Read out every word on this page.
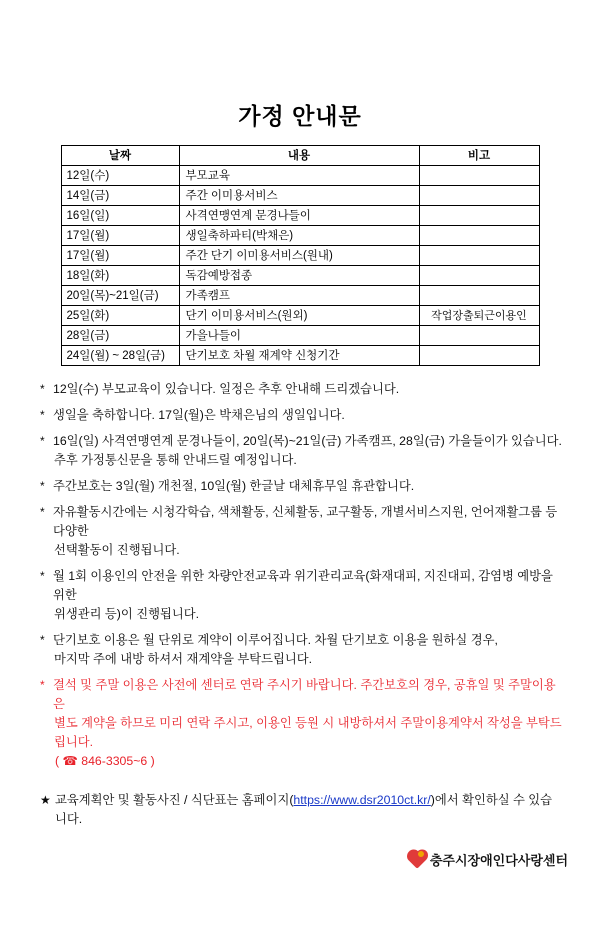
가정 안내문
날짜	내용	비고
12일(수)	부모교육	
14일(금)	주간 이미용서비스	
16일(일)	사격연맹연계 문경나들이	
17일(월)	생일축하파티(박채은)	
17일(월)	주간 단기 이미용서비스(원내)	
18일(화)	독감예방접종	
20일(목)~21일(금)	가족캠프	
25일(화)	단기 이미용서비스(원외)	작업장출퇴근이용인
28일(금)	가을나들이	
24일(월) ~ 28일(금)	단기보호 차월 재계약 신청기간	
* 12일(수) 부모교육이 있습니다. 일정은 추후 안내해 드리겠습니다.
* 생일을 축하합니다. 17일(월)은 박채은님의 생일입니다.
* 16일(일) 사격연맹연계 문경나들이, 20일(목)~21일(금) 가족캠프, 28일(금) 가을들이가 있습니다.
추후 가정통신문을 통해 안내드릴 예정입니다.
* 주간보호는 3일(월) 개천절, 10일(월) 한글날 대체휴무일 휴관합니다.
* 자유활동시간에는 시청각학습, 색채활동, 신체활동, 교구활동, 개별서비스지원, 언어재활그룹 등 다양한
선택활동이 진행됩니다.
* 월 1회 이용인의 안전을 위한 차량안전교육과 위기관리교육(화재대피, 지진대피, 감염병 예방을 위한
위생관리 등)이 진행됩니다.
* 단기보호 이용은 월 단위로 계약이 이루어집니다. 차월 단기보호 이용을 원하실 경우,
마지막 주에 내방 하셔서 재계약을 부탁드립니다.
* 결석 및 주말 이용은 사전에 센터로 연락 주시기 바랍니다. 주간보호의 경우, 공휴일 및 주말이용은
별도 계약을 하므로 미리 연락 주시고, 이용인 등원 시 내방하셔서 주말이용계약서 작성을 부탁드립니다.
( ☎ 846-3305~6 )
★ 교육계획안 및 활동사진 / 식단표는 홈페이지(https://www.dsr2010ct.kr/)에서 확인하실 수 있습니다.
충주시장애인다사랑센터
